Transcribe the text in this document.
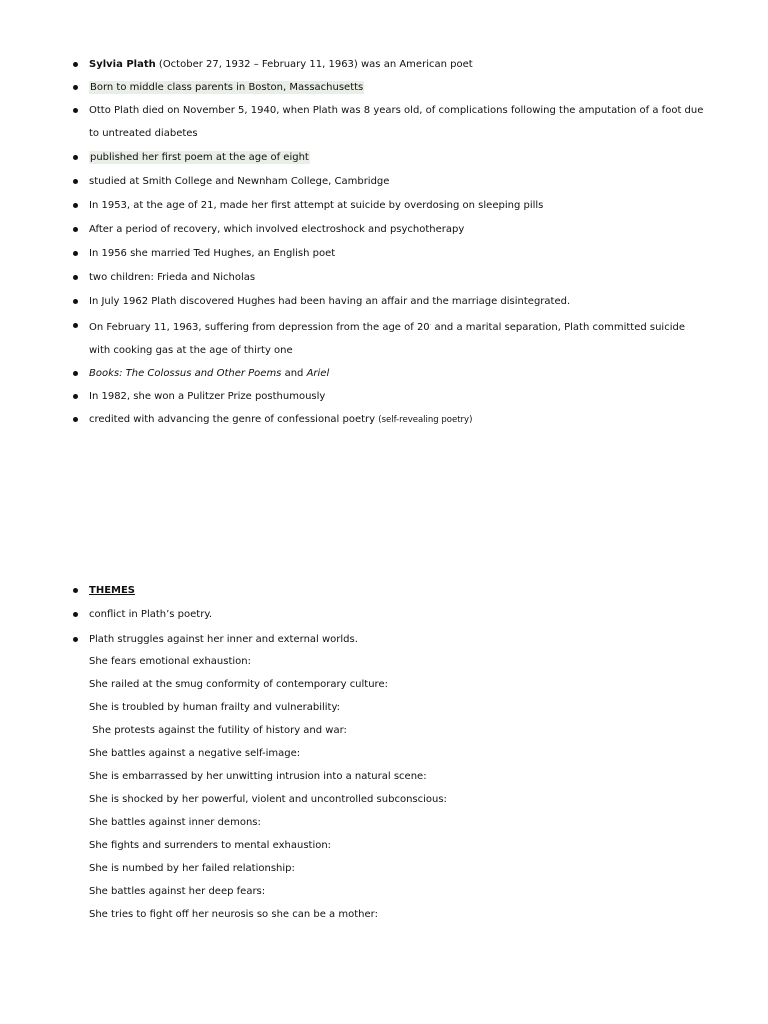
Sylvia Plath (October 27, 1932 – February 11, 1963) was an American poet
Born to middle class parents in Boston, Massachusetts
Otto Plath died on November 5, 1940, when Plath was 8 years old, of complications following the amputation of a foot due to untreated diabetes
published her first poem at the age of eight
studied at Smith College and Newnham College, Cambridge
In 1953, at the age of 21, made her first attempt at suicide by overdosing on sleeping pills
After a period of recovery, which involved electroshock and psychotherapy
In 1956 she married Ted Hughes, an English poet
two children: Frieda and Nicholas
In July 1962 Plath discovered Hughes had been having an affair and the marriage disintegrated.
On February 11, 1963, suffering from depression from the age of 20· and a marital separation, Plath committed suicide with cooking gas at the age of thirty one
Books: The Colossus and Other Poems and Ariel
In 1982, she won a Pulitzer Prize posthumously
credited with advancing the genre of confessional poetry (self-revealing poetry)
THEMES
conflict in Plath’s poetry.
Plath struggles against her inner and external worlds.
She fears emotional exhaustion:
She railed at the smug conformity of contemporary culture:
She is troubled by human frailty and vulnerability:
She protests against the futility of history and war:
She battles against a negative self-image:
She is embarrassed by her unwitting intrusion into a natural scene:
She is shocked by her powerful, violent and uncontrolled subconscious:
She battles against inner demons:
She fights and surrenders to mental exhaustion:
She is numbed by her failed relationship:
She battles against her deep fears:
She tries to fight off her neurosis so she can be a mother:
